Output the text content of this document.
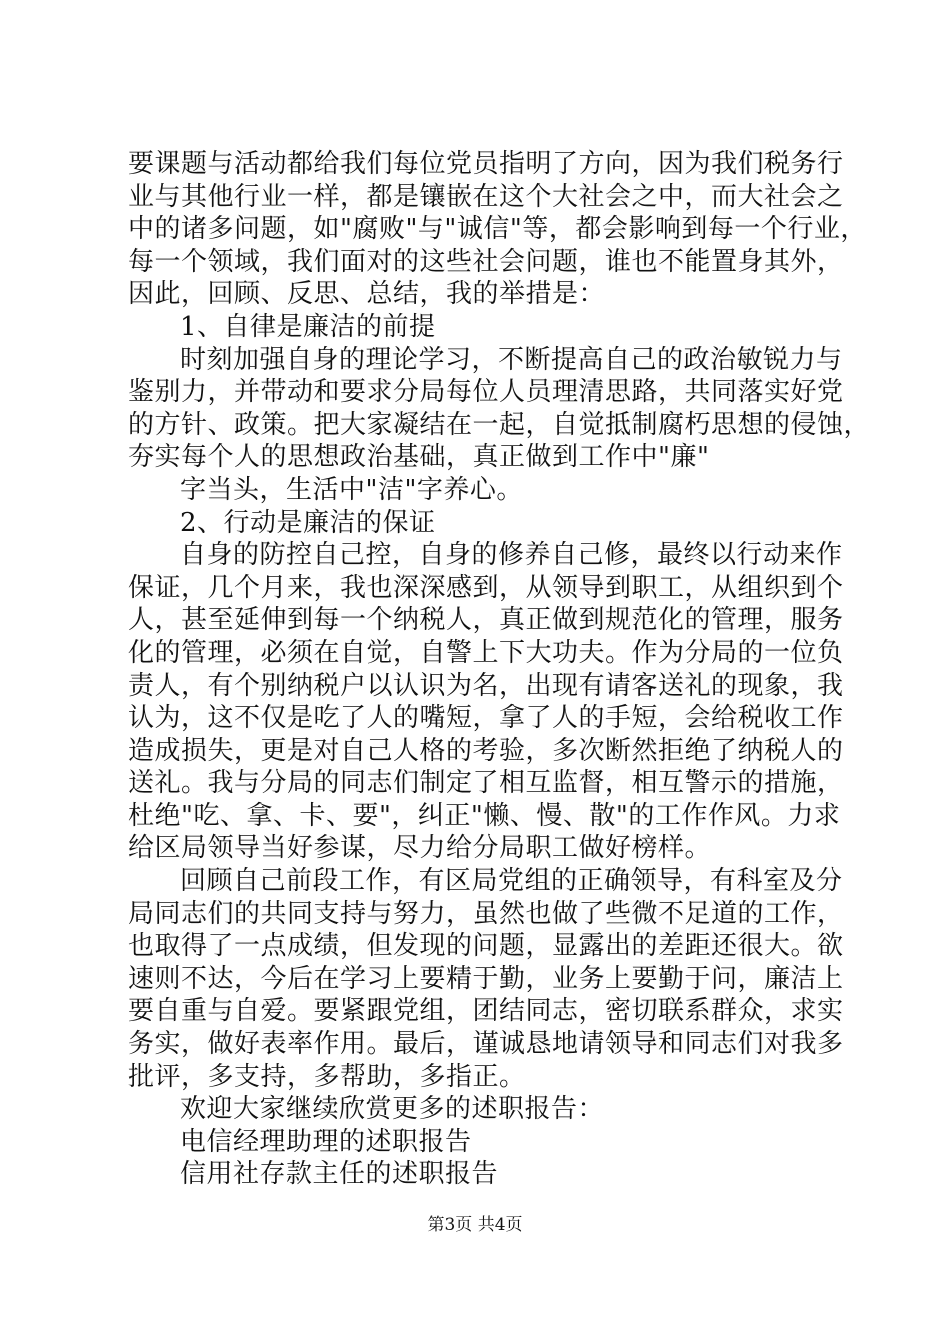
要课题与活动都给我们每位党员指明了方向，因为我们税务行
业与其他行业一样，都是镶嵌在这个大社会之中，而大社会之
中的诸多问题，如"腐败"与"诚信"等，都会影响到每一个行业，
每一个领域，我们面对的这些社会问题，谁也不能置身其外，
因此，回顾、反思、总结，我的举措是：
1、自律是廉洁的前提
时刻加强自身的理论学习，不断提高自己的政治敏锐力与
鉴别力，并带动和要求分局每位人员理清思路，共同落实好党
的方针、政策。把大家凝结在一起，自觉抵制腐朽思想的侵蚀，
夯实每个人的思想政治基础，真正做到工作中"廉"
字当头，生活中"洁"字养心。
2、行动是廉洁的保证
自身的防控自己控，自身的修养自己修，最终以行动来作
保证，几个月来，我也深深感到，从领导到职工，从组织到个
人，甚至延伸到每一个纳税人，真正做到规范化的管理，服务
化的管理，必须在自觉，自警上下大功夫。作为分局的一位负
责人，有个别纳税户以认识为名，出现有请客送礼的现象，我
认为，这不仅是吃了人的嘴短，拿了人的手短，会给税收工作
造成损失，更是对自己人格的考验，多次断然拒绝了纳税人的
送礼。我与分局的同志们制定了相互监督，相互警示的措施，
杜绝"吃、拿、卡、要"，纠正"懒、慢、散"的工作作风。力求
给区局领导当好参谋，尽力给分局职工做好榜样。
回顾自己前段工作，有区局党组的正确领导，有科室及分
局同志们的共同支持与努力，虽然也做了些微不足道的工作，
也取得了一点成绩，但发现的问题，显露出的差距还很大。欲
速则不达，今后在学习上要精于勤，业务上要勤于问，廉洁上
要自重与自爱。要紧跟党组，团结同志，密切联系群众，求实
务实，做好表率作用。最后，谨诚恳地请领导和同志们对我多
批评，多支持，多帮助，多指正。
欢迎大家继续欣赏更多的述职报告：
电信经理助理的述职报告
信用社存款主任的述职报告
第3页 共4页
